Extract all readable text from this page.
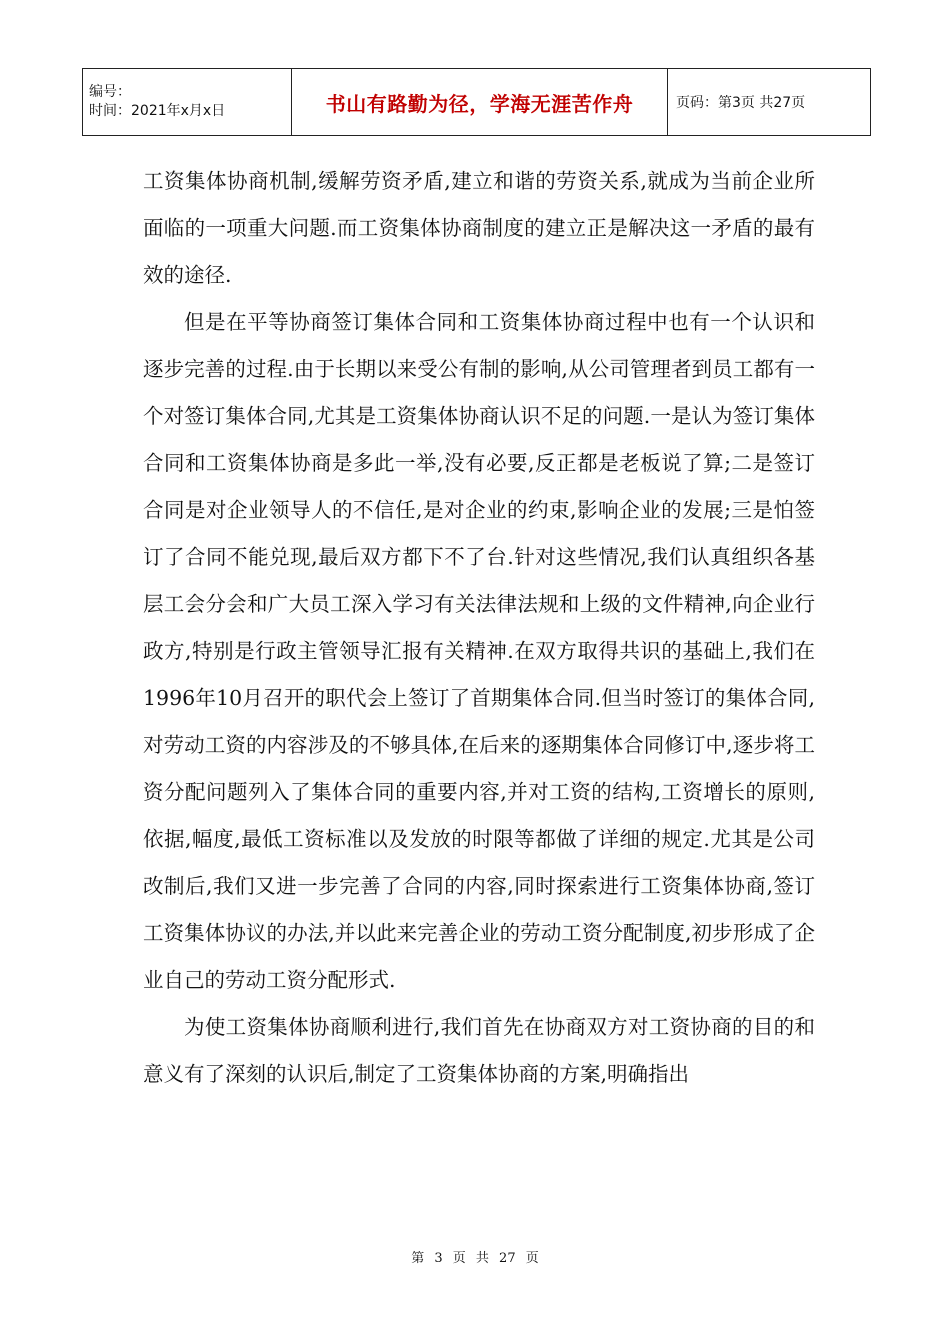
编号：
时间：2021年x月x日	书山有路勤为径，学海无涯苦作舟	页码：第3页 共27页

工资集体协商机制,缓解劳资矛盾,建立和谐的劳资关系,就成为当前企业所面临的一项重大问题.而工资集体协商制度的建立正是解决这一矛盾的最有效的途径.

但是在平等协商签订集体合同和工资集体协商过程中也有一个认识和逐步完善的过程.由于长期以来受公有制的影响,从公司管理者到员工都有一个对签订集体合同,尤其是工资集体协商认识不足的问题.一是认为签订集体合同和工资集体协商是多此一举,没有必要,反正都是老板说了算;二是签订合同是对企业领导人的不信任,是对企业的约束,影响企业的发展;三是怕签订了合同不能兑现,最后双方都下不了台.针对这些情况,我们认真组织各基层工会分会和广大员工深入学习有关法律法规和上级的文件精神,向企业行政方,特别是行政主管领导汇报有关精神.在双方取得共识的基础上,我们在1996年10月召开的职代会上签订了首期集体合同.但当时签订的集体合同,对劳动工资的内容涉及的不够具体,在后来的逐期集体合同修订中,逐步将工资分配问题列入了集体合同的重要内容,并对工资的结构,工资增长的原则,依据,幅度,最低工资标准以及发放的时限等都做了详细的规定.尤其是公司改制后,我们又进一步完善了合同的内容,同时探索进行工资集体协商,签订工资集体协议的办法,并以此来完善企业的劳动工资分配制度,初步形成了企业自己的劳动工资分配形式.

为使工资集体协商顺利进行,我们首先在协商双方对工资协商的目的和意义有了深刻的认识后,制定了工资集体协商的方案,明确指出

第 3 页 共 27 页
